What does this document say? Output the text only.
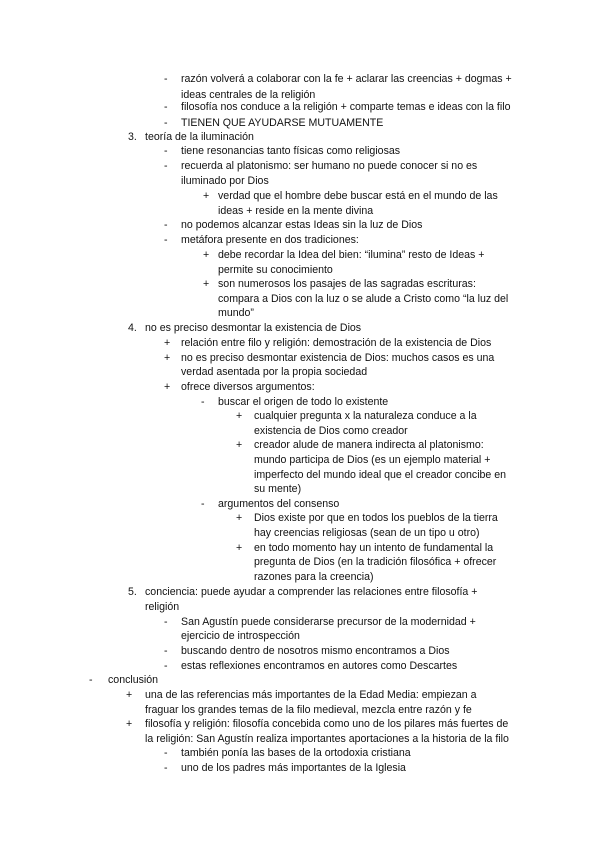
- razón volverá a colaborar con la fe + aclarar las creencias + dogmas +
ideas centrales de la religión
- filosofía nos conduce a la religión + comparte temas e ideas con la filo
- TIENEN QUE AYUDARSE MUTUAMENTE
3. teoría de la iluminación
- tiene resonancias tanto físicas como religiosas
- recuerda al platonismo: ser humano no puede conocer si no es
iluminado por Dios
+ verdad que el hombre debe buscar está en el mundo de las
ideas + reside en la mente divina
- no podemos alcanzar estas Ideas sin la luz de Dios
- metáfora presente en dos tradiciones:
+ debe recordar la Idea del bien: “ilumina” resto de Ideas +
permite su conocimiento
+ son numerosos los pasajes de las sagradas escrituras:
compara a Dios con la luz o se alude a Cristo como “la luz del
mundo”
4. no es preciso desmontar la existencia de Dios
+ relación entre filo y religión: demostración de la existencia de Dios
+ no es preciso desmontar existencia de Dios: muchos casos es una
verdad asentada por la propia sociedad
+ ofrece diversos argumentos:
- buscar el origen de todo lo existente
+ cualquier pregunta x la naturaleza conduce a la
existencia de Dios como creador
+ creador alude de manera indirecta al platonismo:
mundo participa de Dios (es un ejemplo material +
imperfecto del mundo ideal que el creador concibe en
su mente)
- argumentos del consenso
+ Dios existe por que en todos los pueblos de la tierra
hay creencias religiosas (sean de un tipo u otro)
+ en todo momento hay un intento de fundamental la
pregunta de Dios (en la tradición filosófica + ofrecer
razones para la creencia)
5. conciencia: puede ayudar a comprender las relaciones entre filosofía +
religión
- San Agustín puede considerarse precursor de la modernidad +
ejercicio de introspección
- buscando dentro de nosotros mismo encontramos a Dios
- estas reflexiones encontramos en autores como Descartes
- conclusión
+ una de las referencias más importantes de la Edad Media: empiezan a
fraguar los grandes temas de la filo medieval, mezcla entre razón y fe
+ filosofía y religión: filosofía concebida como uno de los pilares más fuertes de
la religión: San Agustín realiza importantes aportaciones a la historia de la filo
- también ponía las bases de la ortodoxia cristiana
- uno de los padres más importantes de la Iglesia
